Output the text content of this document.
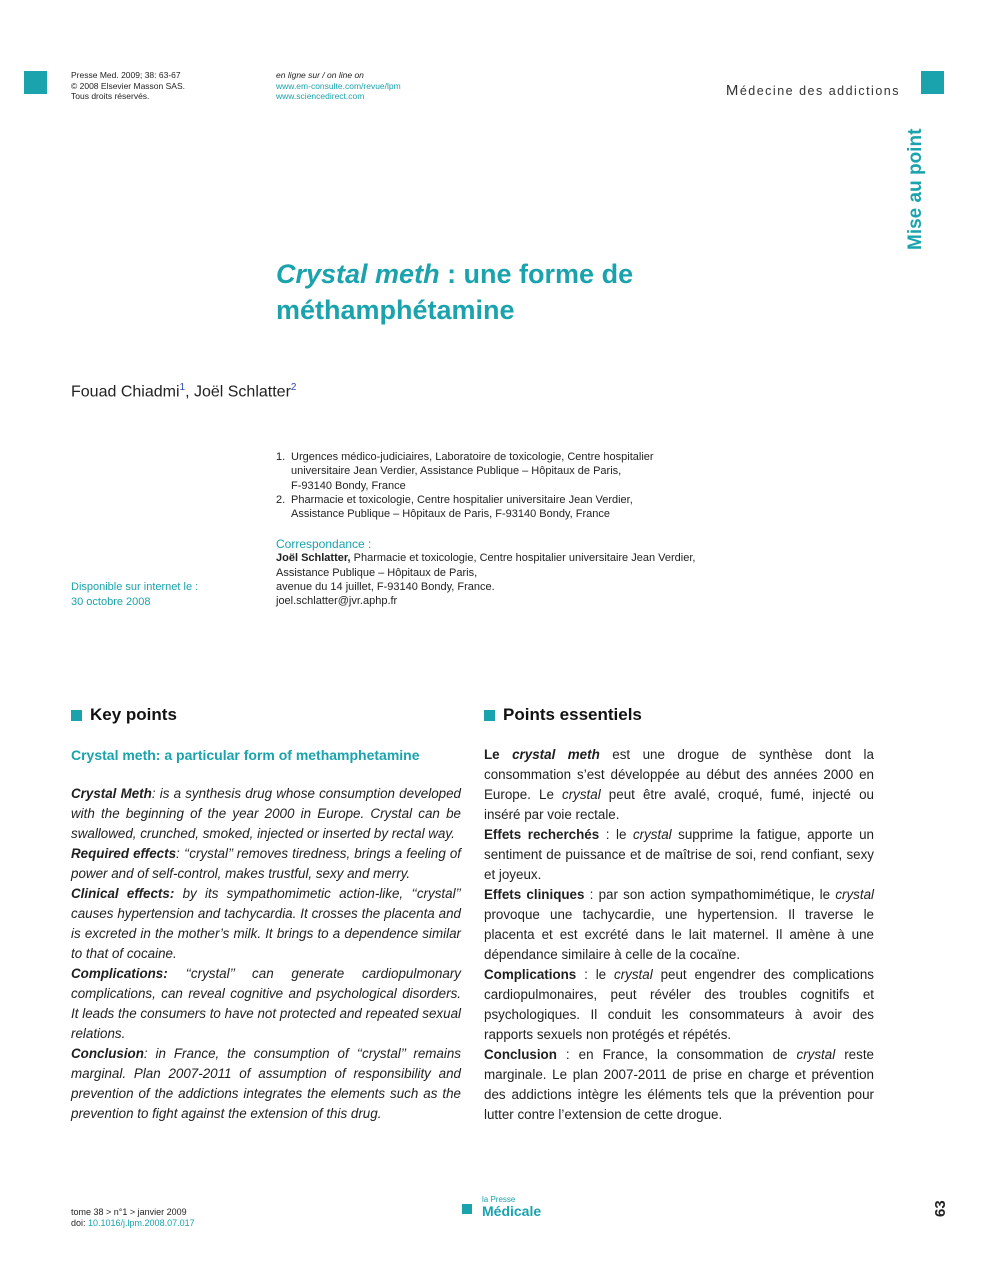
Presse Med. 2009; 38: 63-67
© 2008 Elsevier Masson SAS.
Tous droits réservés.
en ligne sur / on line on
www.em-consulte.com/revue/lpm
www.sciencedirect.com	Médecine des addictions
Mise au point
Crystal meth : une forme de méthamphétamine
Fouad Chiadmi$^1$, Joël Schlatter$^2$
1. Urgences médico-judiciaires, Laboratoire de toxicologie, Centre hospitalier
universitaire Jean Verdier, Assistance Publique – Hôpitaux de Paris,
F-93140 Bondy, France
2. Pharmacie et toxicologie, Centre hospitalier universitaire Jean Verdier,
Assistance Publique – Hôpitaux de Paris, F-93140 Bondy, France
Correspondance :
Joël Schlatter, Pharmacie et toxicologie, Centre hospitalier universitaire Jean Verdier,
Assistance Publique – Hôpitaux de Paris,
avenue du 14 juillet, F-93140 Bondy, France.
joel.schlatter@jvr.aphp.fr
Disponible sur internet le :
30 octobre 2008
Key points
Crystal meth: a particular form of methamphetamine

Crystal Meth: is a synthesis drug whose consumption developed with the beginning of the year 2000 in Europe. Crystal can be swallowed, crunched, smoked, injected or inserted by rectal way.

Required effects: ‘‘crystal’’ removes tiredness, brings a feeling of power and of self-control, makes trustful, sexy and merry.

Clinical effects: by its sympathomimetic action-like, ‘‘crystal’’ causes hypertension and tachycardia. It crosses the placenta and is excreted in the mother’s milk. It brings to a dependence similar to that of cocaine.

Complications: ‘‘crystal’’ can generate cardiopulmonary complications, can reveal cognitive and psychological disorders. It leads the consumers to have not protected and repeated sexual relations.

Conclusion: in France, the consumption of ‘‘crystal’’ remains marginal. Plan 2007-2011 of assumption of responsibility and prevention of the addictions integrates the elements such as the prevention to fight against the extension of this drug.

Points essentiels

Le crystal meth est une drogue de synthèse dont la consommation s’est développée au début des années 2000 en Europe. Le crystal peut être avalé, croqué, fumé, injecté ou inséré par voie rectale.

Effets recherchés : le crystal supprime la fatigue, apporte un sentiment de puissance et de maîtrise de soi, rend confiant, sexy et joyeux.

Effets cliniques : par son action sympathomimétique, le crystal provoque une tachycardie, une hypertension. Il traverse le placenta et est excrété dans le lait maternel. Il amène à une dépendance similaire à celle de la cocaïne.

Complications : le crystal peut engendrer des complications cardiopulmonaires, peut révéler des troubles cognitifs et psychologiques. Il conduit les consommateurs à avoir des rapports sexuels non protégés et répétés.

Conclusion : en France, la consommation de crystal reste marginale. Le plan 2007-2011 de prise en charge et prévention des addictions intègre les éléments tels que la prévention pour lutter contre l’extension de cette drogue.

tome 38 > n°1 > janvier 2009
doi: 10.1016/j.lpm.2008.07.017
la Presse
Médicale	63
